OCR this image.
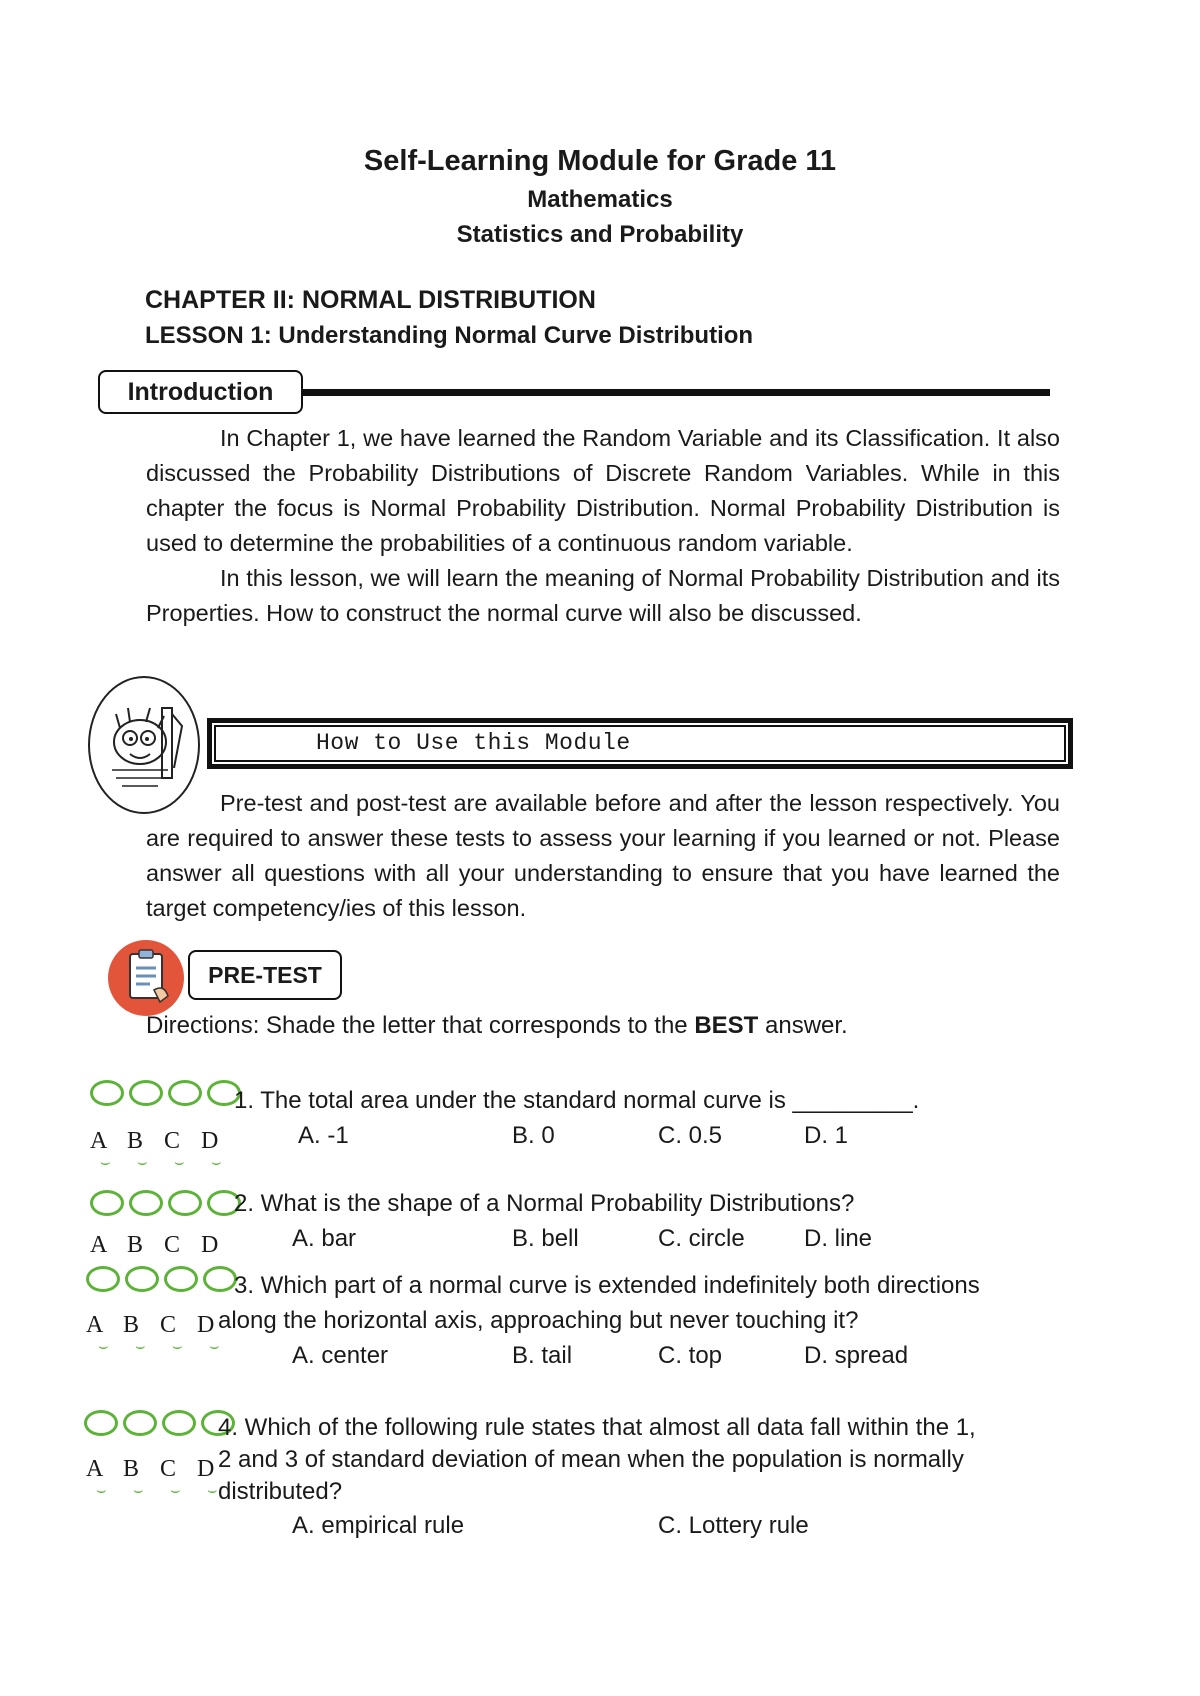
Self-Learning Module for Grade 11
Mathematics
Statistics and Probability
CHAPTER II: NORMAL DISTRIBUTION
LESSON 1: Understanding Normal Curve Distribution
Introduction

In Chapter 1, we have learned the Random Variable and its Classification. It also discussed the Probability Distributions of Discrete Random Variables. While in this chapter the focus is Normal Probability Distribution. Normal Probability Distribution is used to determine the probabilities of a continuous random variable.

In this lesson, we will learn the meaning of Normal Probability Distribution and its Properties. How to construct the normal curve will also be discussed.

How to Use this Module

Pre-test and post-test are available before and after the lesson respectively. You are required to answer these tests to assess your learning if you learned or not. Please answer all questions with all your understanding to ensure that you have learned the target competency/ies of this lesson.

PRE-TEST
Directions: Shade the letter that corresponds to the BEST answer.
A B C D
⌣	⌣	⌣	⌣
1. The total area under the standard normal curve is _________.
A. -1	B. 0	C. 0.5	D. 1
A B C D
2. What is the shape of a Normal Probability Distributions?
A. bar	B. bell	C. circle D. line
A B C D
⌣	⌣	⌣	⌣
3. Which part of a normal curve is extended indefinitely both directions
along the horizontal axis, approaching but never touching it?
A. center	B. tail	C. top	D. spread
A B C D
⌣	⌣	⌣	⌣
4. Which of the following rule states that almost all data fall within the 1,
2 and 3 of standard deviation of mean when the population is normally
distributed?
A. empirical rule	C. Lottery rule
